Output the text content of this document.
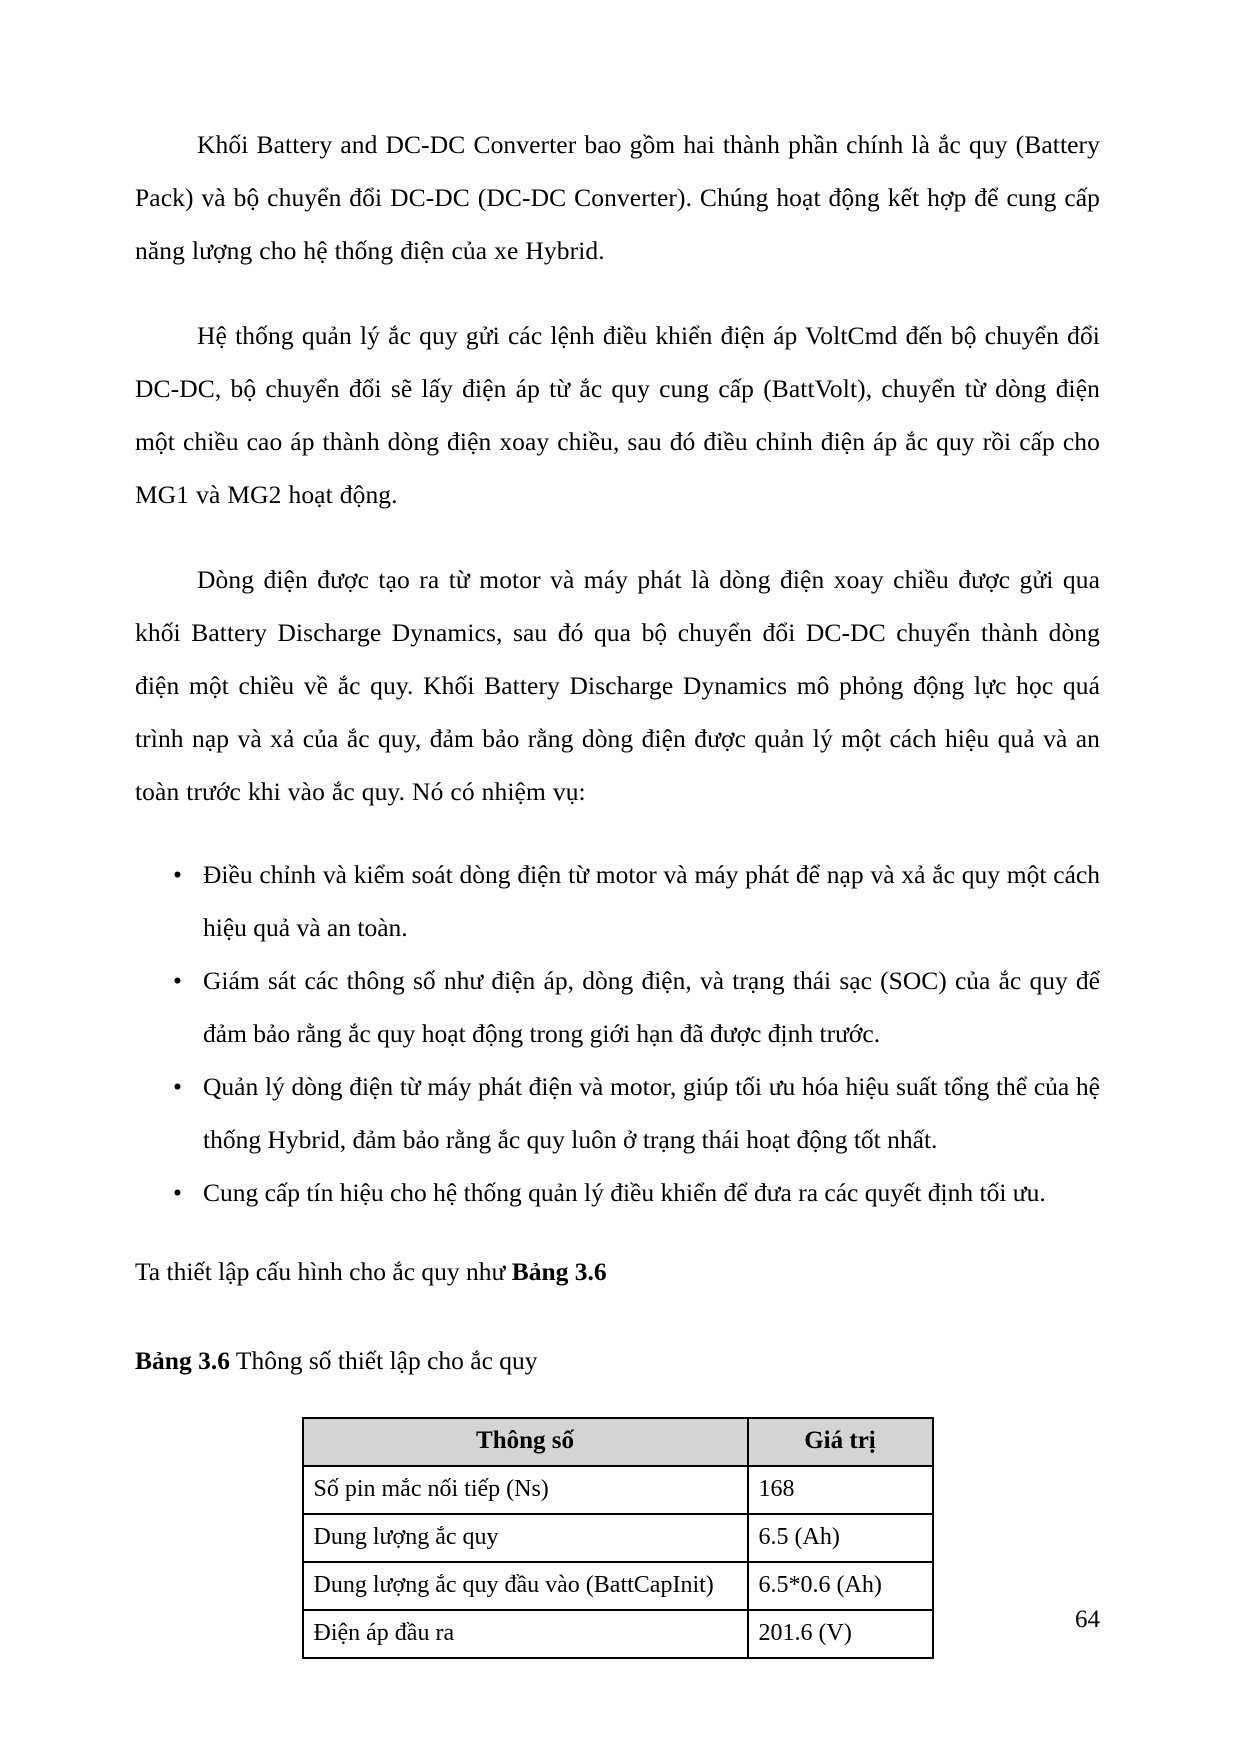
Khối Battery and DC-DC Converter bao gồm hai thành phần chính là ắc quy (Battery Pack) và bộ chuyển đổi DC-DC (DC-DC Converter). Chúng hoạt động kết hợp để cung cấp năng lượng cho hệ thống điện của xe Hybrid.

Hệ thống quản lý ắc quy gửi các lệnh điều khiển điện áp VoltCmd đến bộ chuyển đổi DC-DC, bộ chuyển đổi sẽ lấy điện áp từ ắc quy cung cấp (BattVolt), chuyển từ dòng điện một chiều cao áp thành dòng điện xoay chiều, sau đó điều chỉnh điện áp ắc quy rồi cấp cho MG1 và MG2 hoạt động.

Dòng điện được tạo ra từ motor và máy phát là dòng điện xoay chiều được gửi qua khối Battery Discharge Dynamics, sau đó qua bộ chuyển đổi DC-DC chuyển thành dòng điện một chiều về ắc quy. Khối Battery Discharge Dynamics mô phỏng động lực học quá trình nạp và xả của ắc quy, đảm bảo rằng dòng điện được quản lý một cách hiệu quả và an toàn trước khi vào ắc quy. Nó có nhiệm vụ:

• Điều chỉnh và kiểm soát dòng điện từ motor và máy phát để nạp và xả ắc quy một cách hiệu quả và an toàn.
• Giám sát các thông số như điện áp, dòng điện, và trạng thái sạc (SOC) của ắc quy để đảm bảo rằng ắc quy hoạt động trong giới hạn đã được định trước.
• Quản lý dòng điện từ máy phát điện và motor, giúp tối ưu hóa hiệu suất tổng thể của hệ thống Hybrid, đảm bảo rằng ắc quy luôn ở trạng thái hoạt động tốt nhất.
• Cung cấp tín hiệu cho hệ thống quản lý điều khiển để đưa ra các quyết định tối ưu.

Ta thiết lập cấu hình cho ắc quy như Bảng 3.6

Bảng 3.6 Thông số thiết lập cho ắc quy

Thông số	Giá trị
Số pin mắc nối tiếp (Ns)	168
Dung lượng ắc quy	6.5 (Ah)
Dung lượng ắc quy đầu vào (BattCapInit)	6.5*0.6 (Ah)
Điện áp đầu ra	201.6 (V)	64
